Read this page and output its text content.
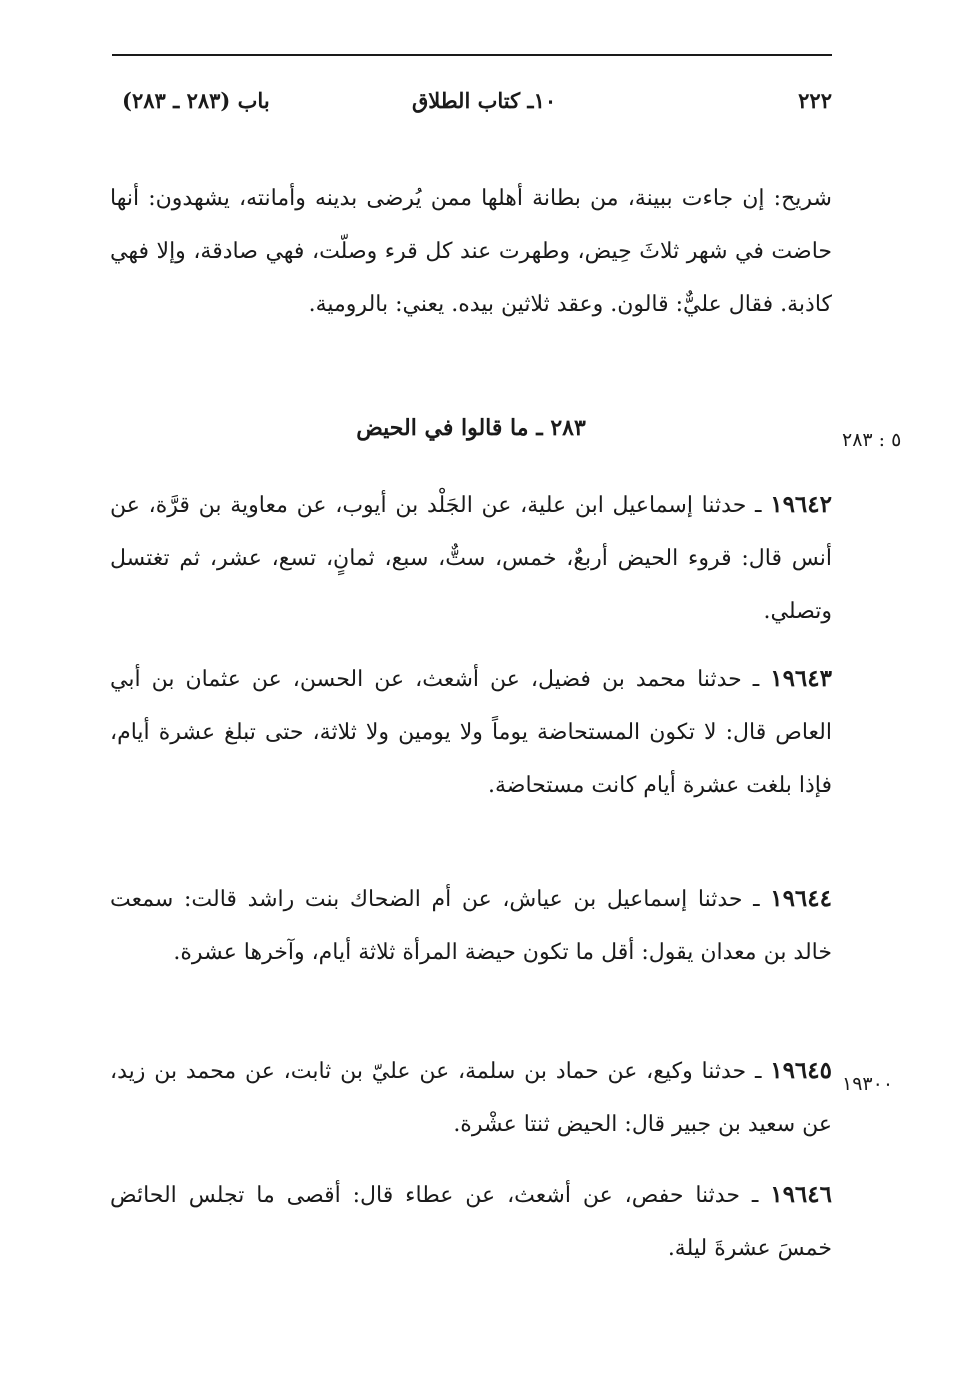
٢٢٢
١٠ـ كتاب الطلاق
باب (٢٨٣ ـ ٢٨٣)

شريح: إن جاءت ببينة، من بطانة أهلها ممن يُرضى بدينه وأمانته، يشهدون: أنها حاضت في شهر ثلاثَ حِيض، وطهرت عند كل قرء وصلّت، فهي صادقة، وإلا فهي كاذبة. فقال عليٌّ: قالون. وعقد ثلاثين بيده. يعني: بالرومية.

٥ : ٢٨٣
٢٨٣ ـ ما قالوا في الحيض

١٩٦٤٢ ـ حدثنا إسماعيل ابن علية، عن الجَلْد بن أيوب، عن معاوية بن قرَّة، عن أنس قال: قروء الحيض أربعٌ، خمس، ستٌّ، سبع، ثمانٍ، تسع، عشر، ثم تغتسل وتصلي.

١٩٦٤٣ ـ حدثنا محمد بن فضيل، عن أشعث، عن الحسن، عن عثمان بن أبي العاص قال: لا تكون المستحاضة يوماً ولا يومين ولا ثلاثة، حتى تبلغ عشرة أيام، فإذا بلغت عشرة أيام كانت مستحاضة.

١٩٦٤٤ ـ حدثنا إسماعيل بن عياش، عن أم الضحاك بنت راشد قالت: سمعت خالد بن معدان يقول: أقل ما تكون حيضة المرأة ثلاثة أيام، وآخرها عشرة.

١٩٣٠٠

١٩٦٤٥ ـ حدثنا وكيع، عن حماد بن سلمة، عن عليّ بن ثابت، عن محمد بن زيد، عن سعيد بن جبير قال: الحيض ثنتا عشْرة.

١٩٦٤٦ ـ حدثنا حفص، عن أشعث، عن عطاء قال: أقصى ما تجلس الحائض خمسَ عشرةَ ليلة.
